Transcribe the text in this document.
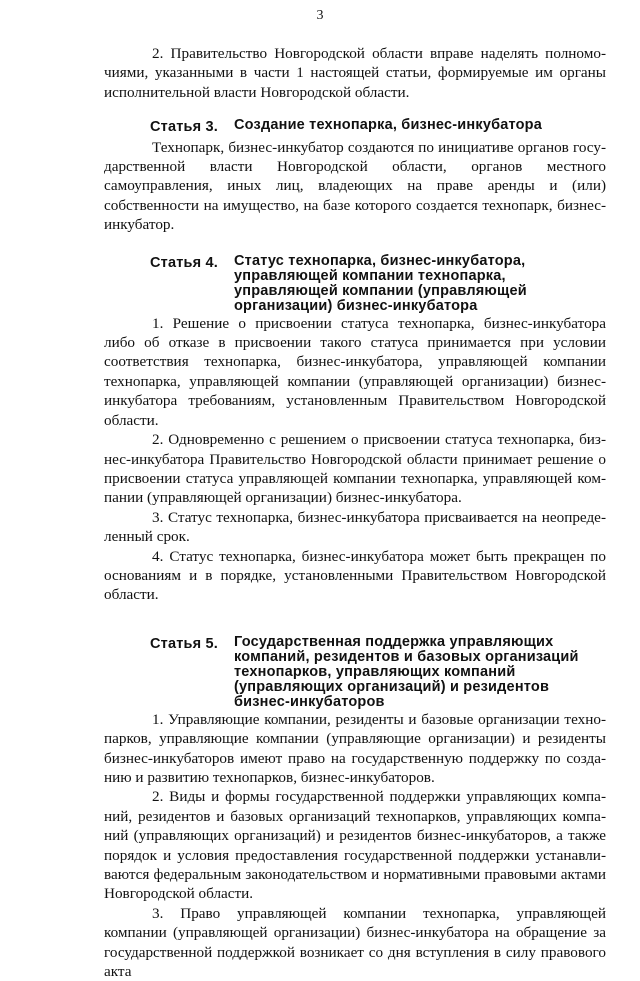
3

2. Правительство Новгородской области вправе наделять полномочиями, указанными в части 1 настоящей статьи, формируемые им органы исполнительной власти Новгородской области.

Статья 3.	Создание технопарка, бизнес-инкубатора

Технопарк, бизнес-инкубатор создаются по инициативе органов государственной власти Новгородской области, органов местного самоуправления, иных лиц, владеющих на праве аренды и (или) собственности на имущество, на базе которого создается технопарк, бизнес-инкубатор.

Статья 4.	Статус технопарка, бизнес-инкубатора, управляющей компании технопарка, управляющей компании (управляющей организации) бизнес-инкубатора

1. Решение о присвоении статуса технопарка, бизнес-инкубатора либо об отказе в присвоении такого статуса принимается при условии соответствия технопарка, бизнес-инкубатора, управляющей компании технопарка, управляющей компании (управляющей организации) бизнес-инкубатора требованиям, установленным Правительством Новгородской области.

2. Одновременно с решением о присвоении статуса технопарка, бизнес-инкубатора Правительство Новгородской области принимает решение о присвоении статуса управляющей компании технопарка, управляющей компании (управляющей организации) бизнес-инкубатора.

3. Статус технопарка, бизнес-инкубатора присваивается на неопределенный срок.

4. Статус технопарка, бизнес-инкубатора может быть прекращен по основаниям и в порядке, установленными Правительством Новгородской области.

Статья 5.	Государственная поддержка управляющих компаний, резидентов и базовых организаций технопарков, управляющих компаний (управляющих организаций) и резидентов бизнес-инкубаторов

1. Управляющие компании, резиденты и базовые организации технопарков, управляющие компании (управляющие организации) и резиденты бизнес-инкубаторов имеют право на государственную поддержку по созданию и развитию технопарков, бизнес-инкубаторов.

2. Виды и формы государственной поддержки управляющих компаний, резидентов и базовых организаций технопарков, управляющих компаний (управляющих организаций) и резидентов бизнес-инкубаторов, а также порядок и условия предоставления государственной поддержки устанавливаются федеральным законодательством и нормативными правовыми актами Новгородской области.

3. Право управляющей компании технопарка, управляющей компании (управляющей организации) бизнес-инкубатора на обращение за государственной поддержкой возникает со дня вступления в силу правового акта
